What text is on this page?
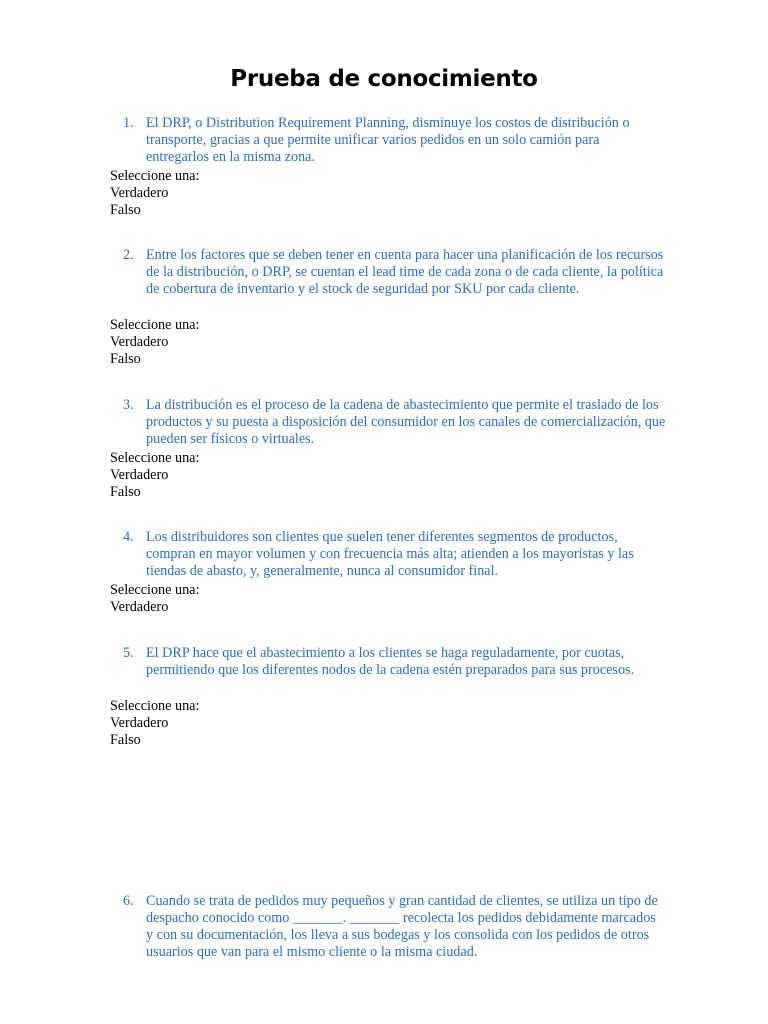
Prueba de conocimiento
1. El DRP, o Distribution Requirement Planning, disminuye los costos de distribución o transporte, gracias a que permite unificar varios pedidos en un solo camión para entregarlos en la misma zona.
Seleccione una:
Verdadero
Falso
2. Entre los factores que se deben tener en cuenta para hacer una planificación de los recursos de la distribución, o DRP, se cuentan el lead time de cada zona o de cada cliente, la política de cobertura de inventario y el stock de seguridad por SKU por cada cliente.
Seleccione una:
Verdadero
Falso
3. La distribución es el proceso de la cadena de abastecimiento que permite el traslado de los productos y su puesta a disposición del consumidor en los canales de comercialización, que pueden ser físicos o virtuales.
Seleccione una:
Verdadero
Falso
4. Los distribuidores son clientes que suelen tener diferentes segmentos de productos, compran en mayor volumen y con frecuencia más alta; atienden a los mayoristas y las tiendas de abasto, y, generalmente, nunca al consumidor final.
Seleccione una:
Verdadero
5. El DRP hace que el abastecimiento a los clientes se haga reguladamente, por cuotas, permitiendo que los diferentes nodos de la cadena estén preparados para sus procesos.
Seleccione una:
Verdadero
Falso
6. Cuando se trata de pedidos muy pequeños y gran cantidad de clientes, se utiliza un tipo de despacho conocido como _______. _______ recolecta los pedidos debidamente marcados y con su documentación, los lleva a sus bodegas y los consolida con los pedidos de otros usuarios que van para el mismo cliente o la misma ciudad.
